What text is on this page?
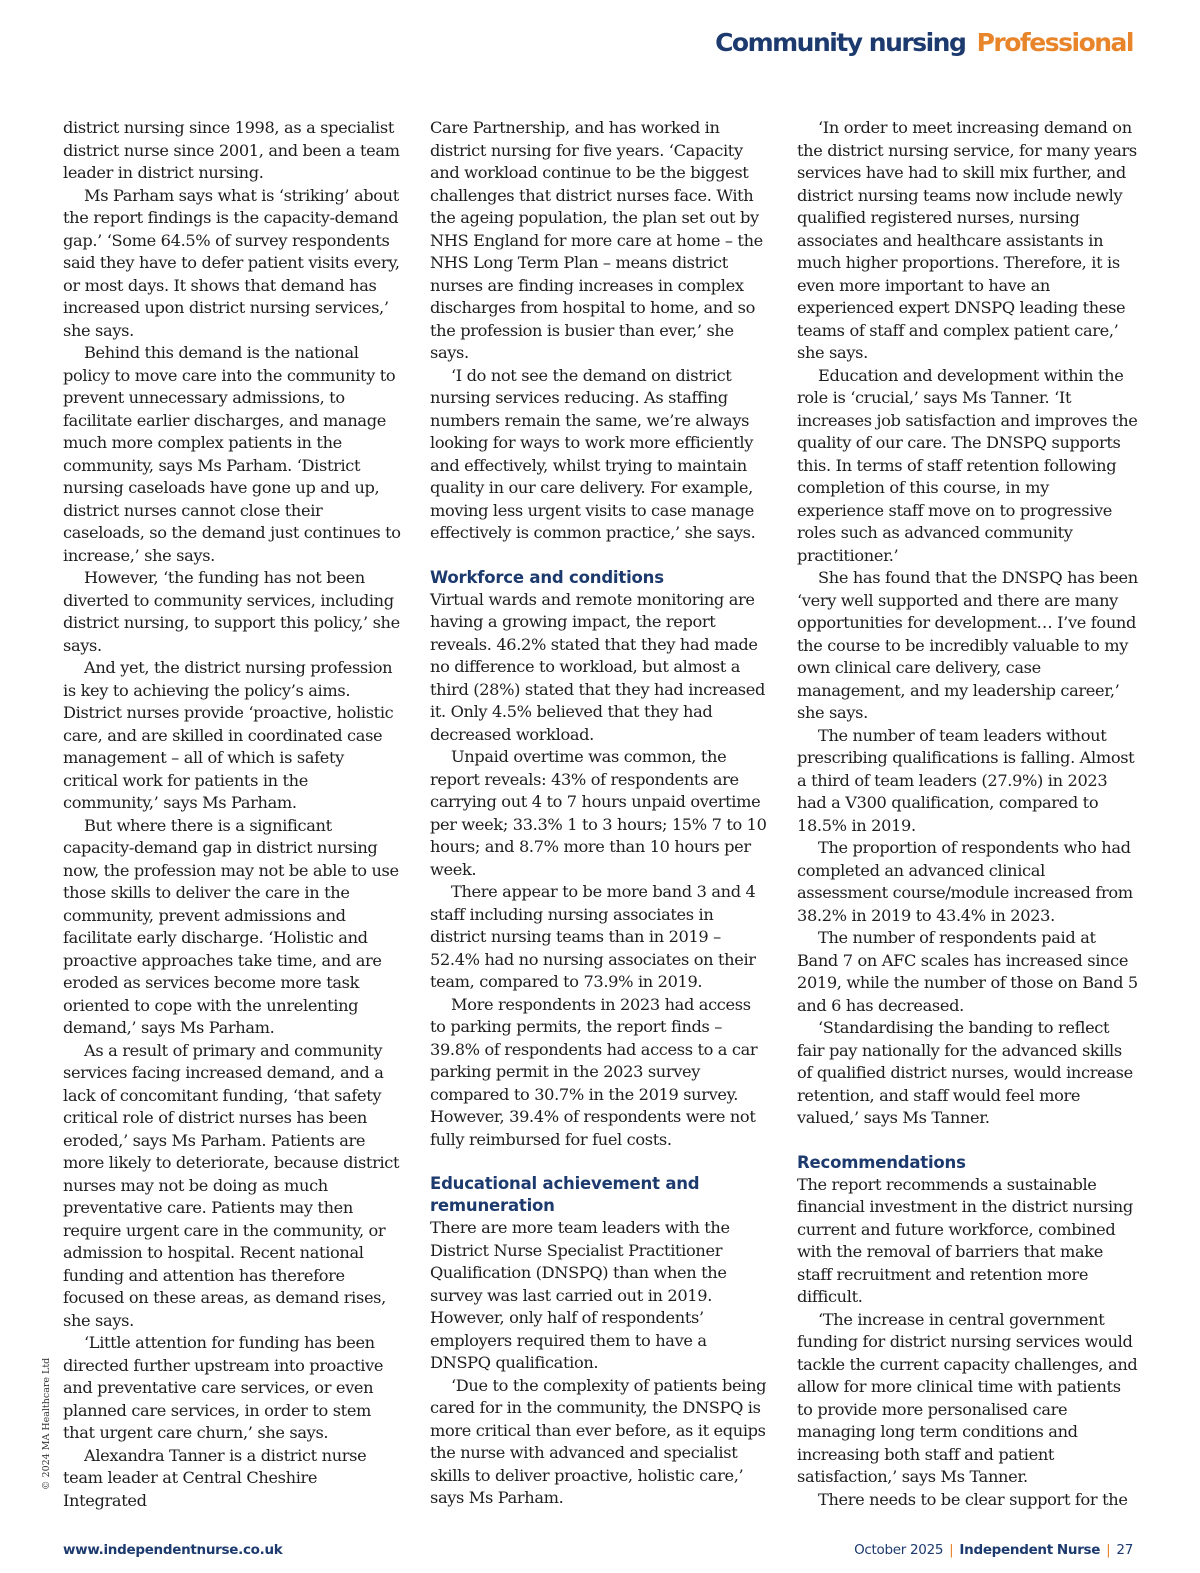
Community nursing Professional

district nursing since 1998, as a specialist district nurse since 2001, and been a team leader in district nursing.

Ms Parham says what is ‘striking’ about the report findings is the capacity-demand gap.’ ‘Some 64.5% of survey respondents said they have to defer patient visits every, or most days. It shows that demand has increased upon district nursing services,’ she says.

Behind this demand is the national policy to move care into the community to prevent unnecessary admissions, to facilitate earlier discharges, and manage much more complex patients in the community, says Ms Parham. ‘District nursing caseloads have gone up and up, district nurses cannot close their caseloads, so the demand just continues to increase,’ she says.

However, ‘the funding has not been diverted to community services, including district nursing, to support this policy,’ she says.

And yet, the district nursing profession is key to achieving the policy’s aims. District nurses provide ‘proactive, holistic care, and are skilled in coordinated case management – all of which is safety critical work for patients in the community,’ says Ms Parham.

But where there is a significant capacity-demand gap in district nursing now, the profession may not be able to use those skills to deliver the care in the community, prevent admissions and facilitate early discharge. ‘Holistic and proactive approaches take time, and are eroded as services become more task oriented to cope with the unrelenting demand,’ says Ms Parham.

As a result of primary and community services facing increased demand, and a lack of concomitant funding, ‘that safety critical role of district nurses has been eroded,’ says Ms Parham. Patients are more likely to deteriorate, because district nurses may not be doing as much preventative care. Patients may then require urgent care in the community, or admission to hospital. Recent national funding and attention has therefore focused on these areas, as demand rises, she says.

‘Little attention for funding has been directed further upstream into proactive and preventative care services, or even planned care services, in order to stem that urgent care churn,’ she says.

Alexandra Tanner is a district nurse team leader at Central Cheshire Integrated

Care Partnership, and has worked in district nursing for five years. ‘Capacity and workload continue to be the biggest challenges that district nurses face. With the ageing population, the plan set out by NHS England for more care at home – the NHS Long Term Plan – means district nurses are finding increases in complex discharges from hospital to home, and so the profession is busier than ever,’ she says.

‘I do not see the demand on district nursing services reducing. As staffing numbers remain the same, we’re always looking for ways to work more efficiently and effectively, whilst trying to maintain quality in our care delivery. For example, moving less urgent visits to case manage effectively is common practice,’ she says.

Workforce and conditions

Virtual wards and remote monitoring are having a growing impact, the report reveals. 46.2% stated that they had made no difference to workload, but almost a third (28%) stated that they had increased it. Only 4.5% believed that they had decreased workload.

Unpaid overtime was common, the report reveals: 43% of respondents are carrying out 4 to 7 hours unpaid overtime per week; 33.3% 1 to 3 hours; 15% 7 to 10 hours; and 8.7% more than 10 hours per week.

There appear to be more band 3 and 4 staff including nursing associates in district nursing teams than in 2019 – 52.4% had no nursing associates on their team, compared to 73.9% in 2019.

More respondents in 2023 had access to parking permits, the report finds – 39.8% of respondents had access to a car parking permit in the 2023 survey compared to 30.7% in the 2019 survey. However, 39.4% of respondents were not fully reimbursed for fuel costs.

Educational achievement and remuneration

There are more team leaders with the District Nurse Specialist Practitioner Qualification (DNSPQ) than when the survey was last carried out in 2019. However, only half of respondents’ employers required them to have a DNSPQ qualification.

‘Due to the complexity of patients being cared for in the community, the DNSPQ is more critical than ever before, as it equips the nurse with advanced and specialist skills to deliver proactive, holistic care,’ says Ms Parham.

‘In order to meet increasing demand on the district nursing service, for many years services have had to skill mix further, and district nursing teams now include newly qualified registered nurses, nursing associates and healthcare assistants in much higher proportions. Therefore, it is even more important to have an experienced expert DNSPQ leading these teams of staff and complex patient care,’ she says.

Education and development within the role is ‘crucial,’ says Ms Tanner. ‘It increases job satisfaction and improves the quality of our care. The DNSPQ supports this. In terms of staff retention following completion of this course, in my experience staff move on to progressive roles such as advanced community practitioner.’

She has found that the DNSPQ has been ‘very well supported and there are many opportunities for development… I’ve found the course to be incredibly valuable to my own clinical care delivery, case management, and my leadership career,’ she says.

The number of team leaders without prescribing qualifications is falling. Almost a third of team leaders (27.9%) in 2023 had a V300 qualification, compared to 18.5% in 2019.

The proportion of respondents who had completed an advanced clinical assessment course/module increased from 38.2% in 2019 to 43.4% in 2023.

The number of respondents paid at Band 7 on AFC scales has increased since 2019, while the number of those on Band 5 and 6 has decreased.

‘Standardising the banding to reflect fair pay nationally for the advanced skills of qualified district nurses, would increase retention, and staff would feel more valued,’ says Ms Tanner.

Recommendations

The report recommends a sustainable financial investment in the district nursing current and future workforce, combined with the removal of barriers that make staff recruitment and retention more difficult.

‘The increase in central government funding for district nursing services would tackle the current capacity challenges, and allow for more clinical time with patients to provide more personalised care managing long term conditions and increasing both staff and patient satisfaction,’ says Ms Tanner.

There needs to be clear support for the

© 2024 MA Healthcare Ltd
www.independentnurse.co.uk	October 2025 | Independent Nurse | 27
